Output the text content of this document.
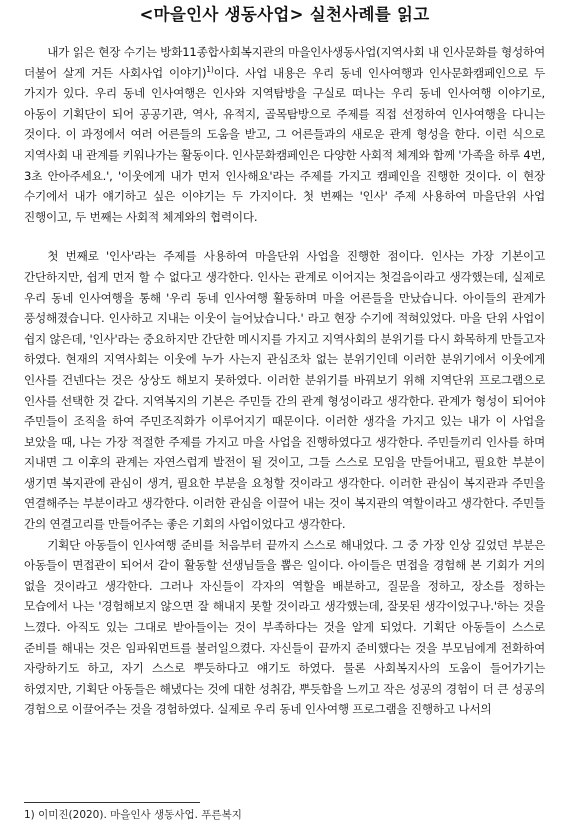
<마을인사 생동사업> 실천사례를 읽고

내가 읽은 현장 수기는 방화11종합사회복지관의 마을인사생동사업(지역사회 내 인사문화를 형성하여 더불어 살게 거든 사회사업 이야기)$^{1)}$이다. 사업 내용은 우리 동네 인사여행과 인사문화캠페인으로 두 가지가 있다. 우리 동네 인사여행은 인사와 지역탐방을 구실로 떠나는 우리 동네 인사여행 이야기로, 아동이 기획단이 되어 공공기관, 역사, 유적지, 골목탐방으로 주제를 직접 선정하여 인사여행을 다니는 것이다. 이 과정에서 여러 어른들의 도움을 받고, 그 어른들과의 새로운 관계 형성을 한다. 이런 식으로 지역사회 내 관계를 키워나가는 활동이다. 인사문화캠페인은 다양한 사회적 체계와 함께 '가족을 하루 4번, 3초 안아주세요.', '이웃에게 내가 먼저 인사해요'라는 주제를 가지고 캠페인을 진행한 것이다. 이 현장 수기에서 내가 얘기하고 싶은 이야기는 두 가지이다. 첫 번째는 '인사' 주제 사용하여 마을단위 사업 진행이고, 두 번째는 사회적 체계와의 협력이다.

첫 번째로 '인사'라는 주제를 사용하여 마을단위 사업을 진행한 점이다. 인사는 가장 기본이고 간단하지만, 쉽게 먼저 할 수 없다고 생각한다. 인사는 관계로 이어지는 첫걸음이라고 생각했는데, 실제로 우리 동네 인사여행을 통해 '우리 동네 인사여행 활동하며 마을 어른들을 만났습니다. 아이들의 관계가 풍성해졌습니다. 인사하고 지내는 이웃이 늘어났습니다.' 라고 현장 수기에 적혀있었다. 마을 단위 사업이 쉽지 않은데, '인사'라는 중요하지만 간단한 메시지를 가지고 지역사회의 분위기를 다시 화목하게 만들고자 하였다. 현재의 지역사회는 이웃에 누가 사는지 관심조차 없는 분위기인데 이러한 분위기에서 이웃에게 인사를 건넨다는 것은 상상도 해보지 못하였다. 이러한 분위기를 바꿔보기 위해 지역단위 프로그램으로 인사를 선택한 것 같다. 지역복지의 기본은 주민들 간의 관계 형성이라고 생각한다. 관계가 형성이 되어야 주민들이 조직을 하여 주민조직화가 이루어지기 때문이다. 이러한 생각을 가지고 있는 내가 이 사업을 보았을 때, 나는 가장 적절한 주제를 가지고 마을 사업을 진행하였다고 생각한다. 주민들끼리 인사를 하며 지내면 그 이후의 관계는 자연스럽게 발전이 될 것이고, 그들 스스로 모임을 만들어내고, 필요한 부분이 생기면 복지관에 관심이 생겨, 필요한 부분을 요청할 것이라고 생각한다. 이러한 관심이 복지관과 주민을 연결해주는 부분이라고 생각한다. 이러한 관심을 이끌어 내는 것이 복지관의 역할이라고 생각한다. 주민들 간의 연결고리를 만들어주는 좋은 기회의 사업이었다고 생각한다.

기획단 아동들이 인사여행 준비를 처음부터 끝까지 스스로 해내었다. 그 중 가장 인상 깊었던 부분은 아동들이 면접관이 되어서 같이 활동할 선생님들을 뽑은 일이다. 아이들은 면접을 경험해 본 기회가 거의 없을 것이라고 생각한다. 그러나 자신들이 각자의 역할을 배분하고, 질문을 정하고, 장소를 정하는 모습에서 나는 '경험해보지 않으면 잘 해내지 못할 것이라고 생각했는데, 잘못된 생각이었구나.'하는 것을 느꼈다. 아직도 있는 그대로 받아들이는 것이 부족하다는 것을 알게 되었다. 기획단 아동들이 스스로 준비를 해내는 것은 임파워먼트를 불러일으켰다. 자신들이 끝까지 준비했다는 것을 부모님에게 전화하여 자랑하기도 하고, 자기 스스로 뿌듯하다고 얘기도 하였다. 물론 사회복지사의 도움이 들어가기는 하였지만, 기획단 아동들은 해냈다는 것에 대한 성취감, 뿌듯함을 느끼고 작은 성공의 경험이 더 큰 성공의 경험으로 이끌어주는 것을 경험하였다. 실제로 우리 동네 인사여행 프로그램을 진행하고 나서의

1) 이미진(2020). 마을인사 생동사업. 푸른복지
